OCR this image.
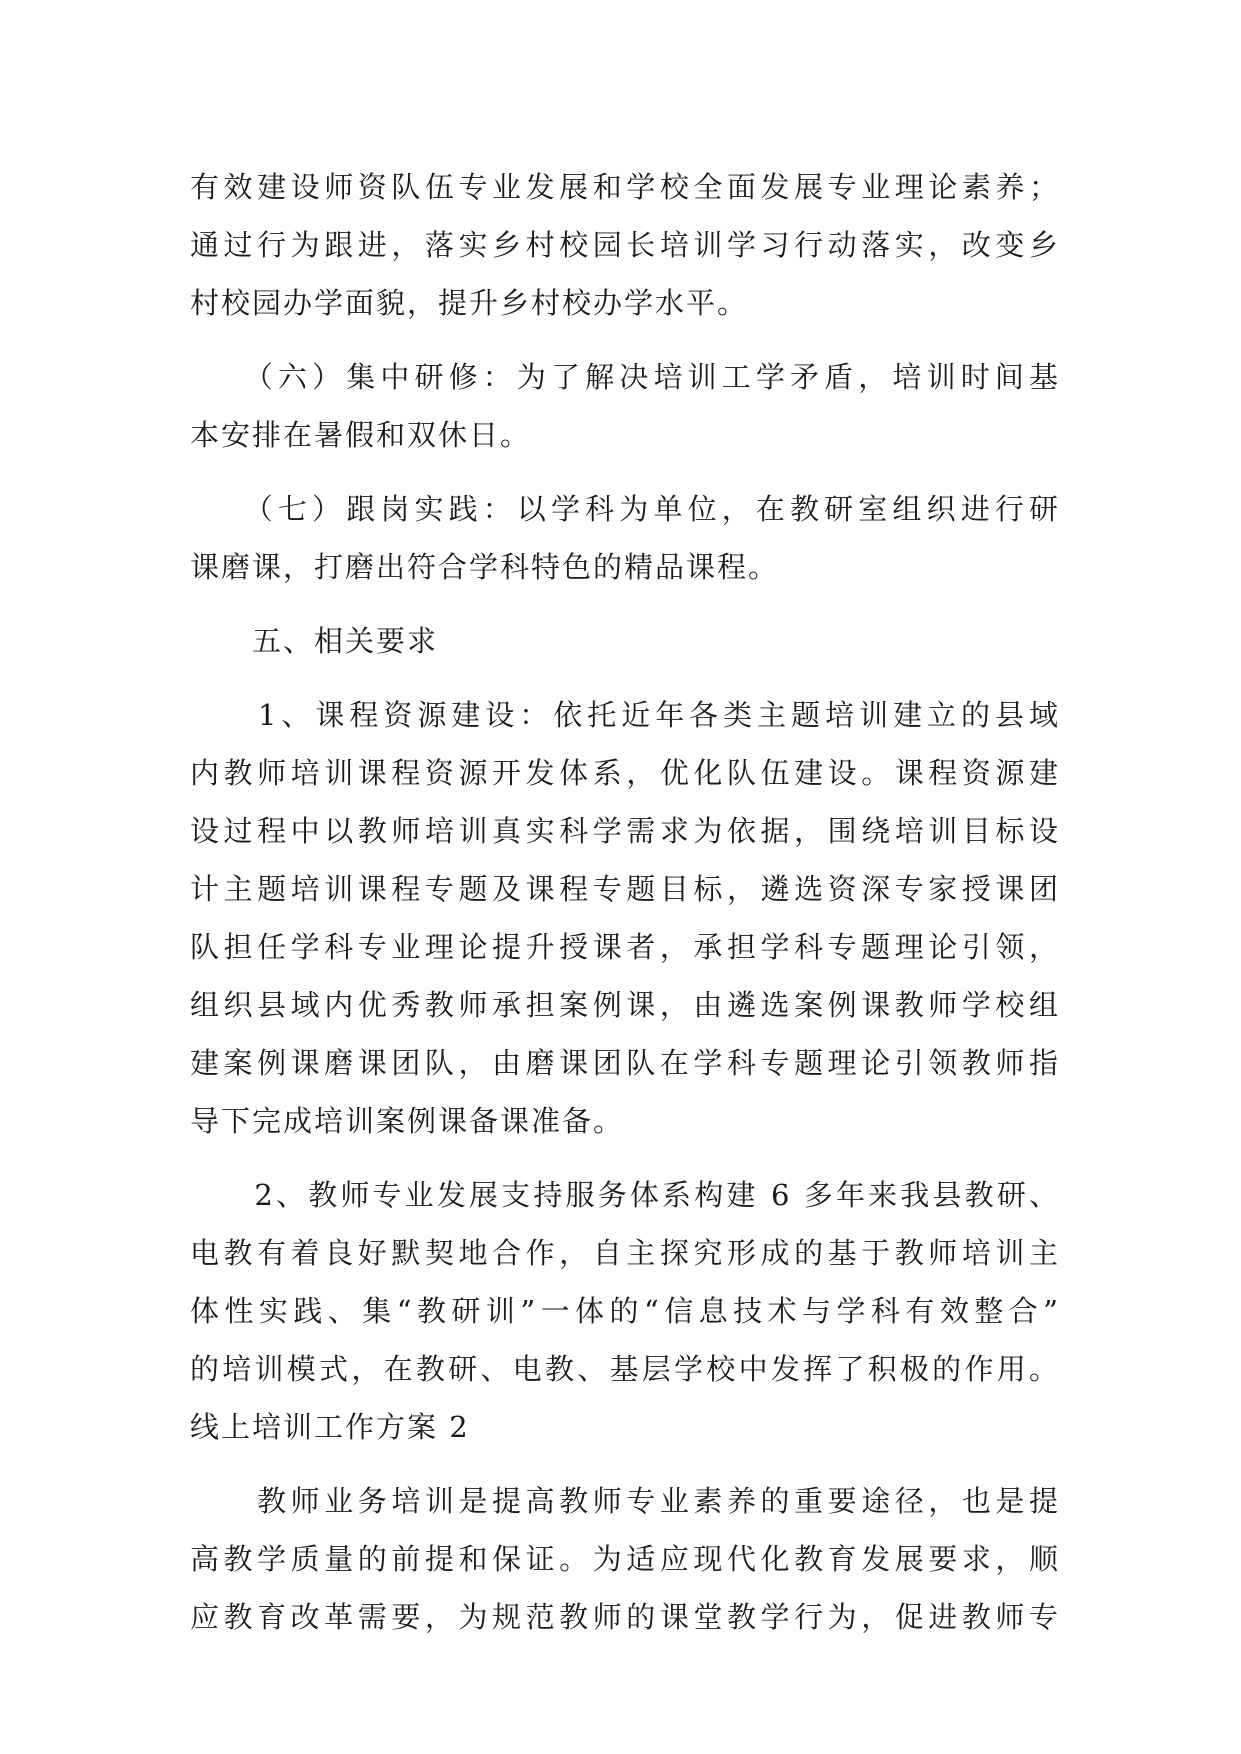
有效建设师资队伍专业发展和学校全面发展专业理论素养；
通过行为跟进，落实乡村校园长培训学习行动落实，改变乡
村校园办学面貌，提升乡村校办学水平。
　　（六）集中研修：为了解决培训工学矛盾，培训时间基
本安排在暑假和双休日。
　　（七）跟岗实践：以学科为单位，在教研室组织进行研
课磨课，打磨出符合学科特色的精品课程。
　　五、相关要求
　　1、课程资源建设：依托近年各类主题培训建立的县域
内教师培训课程资源开发体系，优化队伍建设。课程资源建
设过程中以教师培训真实科学需求为依据，围绕培训目标设
计主题培训课程专题及课程专题目标，遴选资深专家授课团
队担任学科专业理论提升授课者，承担学科专题理论引领，
组织县域内优秀教师承担案例课，由遴选案例课教师学校组
建案例课磨课团队，由磨课团队在学科专题理论引领教师指
导下完成培训案例课备课准备。
　　2、教师专业发展支持服务体系构建 6 多年来我县教研、
电教有着良好默契地合作，自主探究形成的基于教师培训主
体性实践、集“教研训”一体的“信息技术与学科有效整合”
的培训模式，在教研、电教、基层学校中发挥了积极的作用。
线上培训工作方案 2
　　教师业务培训是提高教师专业素养的重要途径，也是提
高教学质量的前提和保证。为适应现代化教育发展要求，顺
应教育改革需要，为规范教师的课堂教学行为，促进教师专
